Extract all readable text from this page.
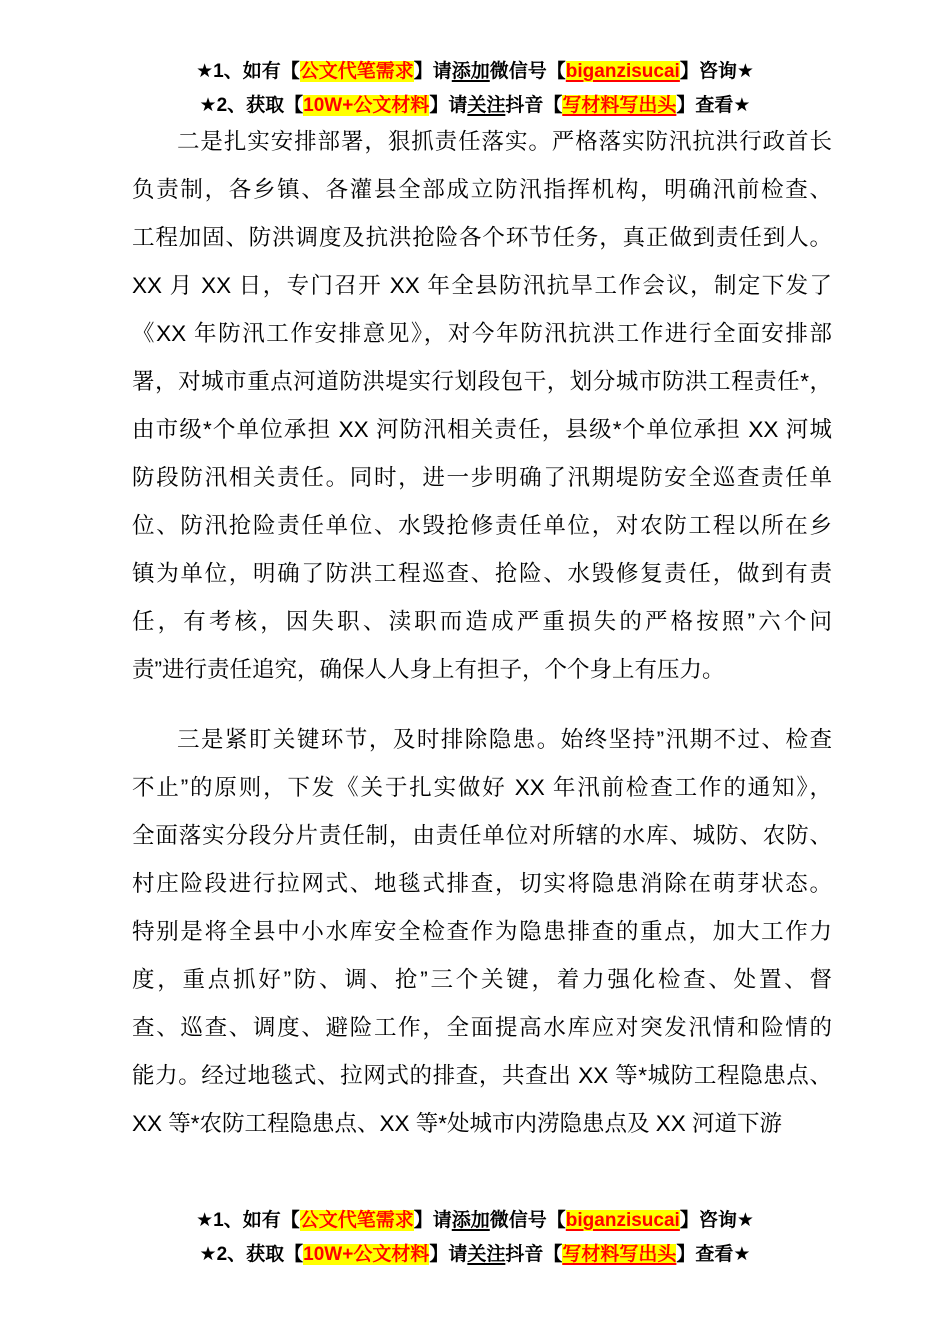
★1、如有【公文代笔需求】请添加微信号【biganzisucai】咨询★
★2、获取【10W+公文材料】请关注抖音【写材料写出头】查看★
二是扎实安排部署，狠抓责任落实。严格落实防汛抗洪行政首长
负责制，各乡镇、各灌县全部成立防汛指挥机构，明确汛前检查、
工程加固、防洪调度及抗洪抢险各个环节任务，真正做到责任到人。
XX 月 XX 日，专门召开 XX 年全县防汛抗旱工作会议，制定下发了
《XX 年防汛工作安排意见》，对今年防汛抗洪工作进行全面安排部
署，对城市重点河道防洪堤实行划段包干，划分城市防洪工程责任*，
由市级*个单位承担 XX 河防汛相关责任，县级*个单位承担 XX 河城
防段防汛相关责任。同时，进一步明确了汛期堤防安全巡查责任单
位、防汛抢险责任单位、水毁抢修责任单位，对农防工程以所在乡
镇为单位，明确了防洪工程巡查、抢险、水毁修复责任，做到有责
任，有考核，因失职、渎职而造成严重损失的严格按照”六个问
责”进行责任追究，确保人人身上有担子，个个身上有压力。
三是紧盯关键环节，及时排除隐患。始终坚持”汛期不过、检查
不止”的原则，下发《关于扎实做好 XX 年汛前检查工作的通知》，
全面落实分段分片责任制，由责任单位对所辖的水库、城防、农防、
村庄险段进行拉网式、地毯式排查，切实将隐患消除在萌芽状态。
特别是将全县中小水库安全检查作为隐患排查的重点，加大工作力
度，重点抓好”防、调、抢”三个关键，着力强化检查、处置、督
查、巡查、调度、避险工作，全面提高水库应对突发汛情和险情的
能力。经过地毯式、拉网式的排查，共查出 XX 等*城防工程隐患点、
XX 等*农防工程隐患点、XX 等*处城市内涝隐患点及 XX 河道下游
★1、如有【公文代笔需求】请添加微信号【biganzisucai】咨询★
★2、获取【10W+公文材料】请关注抖音【写材料写出头】查看★
